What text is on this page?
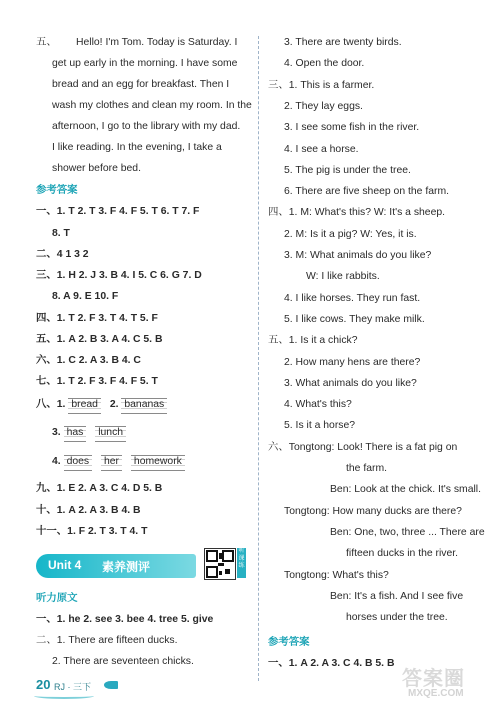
五、 Hello! I'm Tom. Today is Saturday. I
get up early in the morning. I have some
bread and an egg for breakfast. Then I
wash my clothes and clean my room. In the
afternoon, I go to the library with my dad.
I like reading. In the evening, I take a
shower before bed.
参考答案
一、1. T 2. T 3. F 4. F 5. T 6. T 7. F
8. T
二、4 1 3 2
三、1. H 2. J 3. B 4. I 5. C 6. G 7. D
8. A 9. E 10. F
四、1. T 2. F 3. T 4. T 5. F
五、1. A 2. B 3. A 4. C 5. B
六、1. C 2. A 3. B 4. C
七、1. T 2. F 3. F 4. F 5. T
八、1. bread 2. bananas
3. has lunch
4. does her homework
九、1. E 2. A 3. C 4. D 5. B
十、1. A 2. A 3. B 4. B
十一、1. F 2. T 3. T 4. T
Unit 4 素养测评
听课练
听力原文
一、1. he 2. see 3. bee 4. tree 5. give
二、1. There are fifteen ducks.
2. There are seventeen chicks.
20 RJ · 三下
3. There are twenty birds.
4. Open the door.
三、1. This is a farmer.
2. They lay eggs.
3. I see some fish in the river.
4. I see a horse.
5. The pig is under the tree.
6. There are five sheep on the farm.
四、1. M: What's this? W: It's a sheep.
2. M: Is it a pig? W: Yes, it is.
3. M: What animals do you like?
W: I like rabbits.
4. I like horses. They run fast.
5. I like cows. They make milk.
五、1. Is it a chick?
2. How many hens are there?
3. What animals do you like?
4. What's this?
5. Is it a horse?
六、Tongtong: Look! There is a fat pig on
the farm.
Ben: Look at the chick. It's small.
Tongtong: How many ducks are there?
Ben: One, two, three ... There are
fifteen ducks in the river.
Tongtong: What's this?
Ben: It's a fish. And I see five
horses under the tree.
参考答案
一、1. A 2. A 3. C 4. B 5. B
答案圈
MXQE.COM
